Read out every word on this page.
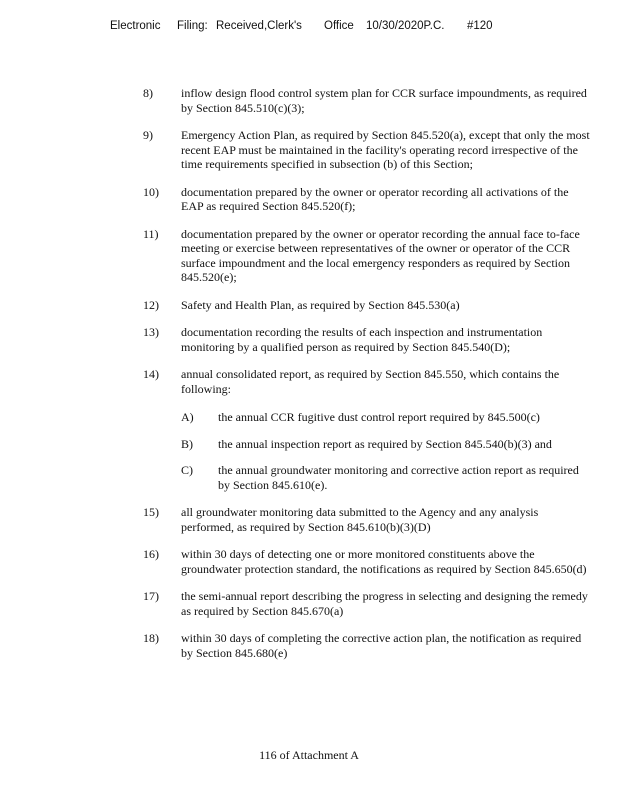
Electronic Filing: Received,Clerk's Office 10/30/2020P.C. #120
8) inflow design flood control system plan for CCR surface impoundments, as required by Section 845.510(c)(3);
9) Emergency Action Plan, as required by Section 845.520(a), except that only the most recent EAP must be maintained in the facility's operating record irrespective of the time requirements specified in subsection (b) of this Section;
10) documentation prepared by the owner or operator recording all activations of the EAP as required Section 845.520(f);
11) documentation prepared by the owner or operator recording the annual face to-face meeting or exercise between representatives of the owner or operator of the CCR surface impoundment and the local emergency responders as required by Section 845.520(e);
12) Safety and Health Plan, as required by Section 845.530(a)
13) documentation recording the results of each inspection and instrumentation monitoring by a qualified person as required by Section 845.540(D);
14) annual consolidated report, as required by Section 845.550, which contains the following:
A) the annual CCR fugitive dust control report required by 845.500(c)
B) the annual inspection report as required by Section 845.540(b)(3) and
C) the annual groundwater monitoring and corrective action report as required by Section 845.610(e).
15) all groundwater monitoring data submitted to the Agency and any analysis performed, as required by Section 845.610(b)(3)(D)
16) within 30 days of detecting one or more monitored constituents above the groundwater protection standard, the notifications as required by Section 845.650(d)
17) the semi-annual report describing the progress in selecting and designing the remedy as required by Section 845.670(a)
18) within 30 days of completing the corrective action plan, the notification as required by Section 845.680(e)
116 of Attachment A
